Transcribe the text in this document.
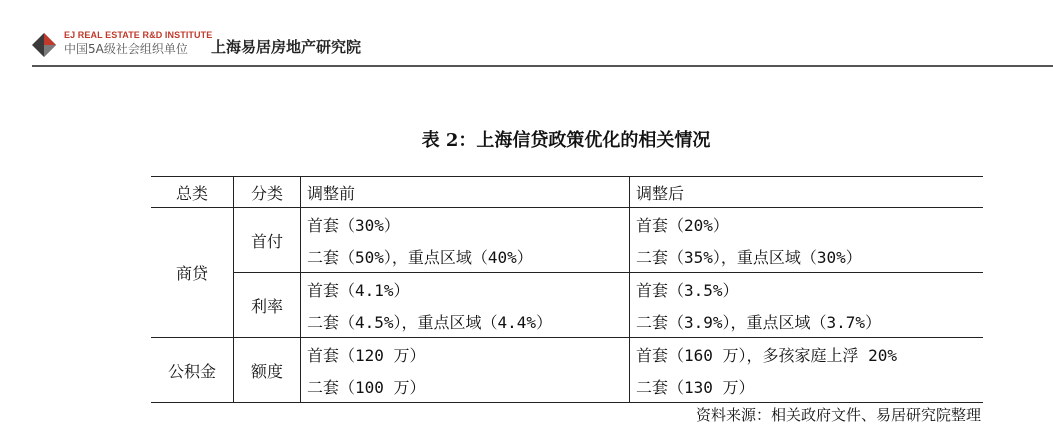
EJ REAL ESTATE R&D INSTITUTE
中国5A级社会组织单位 上海易居房地产研究院
表 2：上海信贷政策优化的相关情况
总类	分类	调整前	调整后
商贷	首付	首套（30%）	首套（20%）
		二套（50%），重点区域（40%）	二套（35%），重点区域（30%）
	利率	首套（4.1%）	首套（3.5%）
		二套（4.5%），重点区域（4.4%）	二套（3.9%），重点区域（3.7%）
公积金	额度	首套（120 万）	首套（160 万），多孩家庭上浮 20%
		二套（100 万）	二套（130 万）
资料来源：相关政府文件、易居研究院整理
